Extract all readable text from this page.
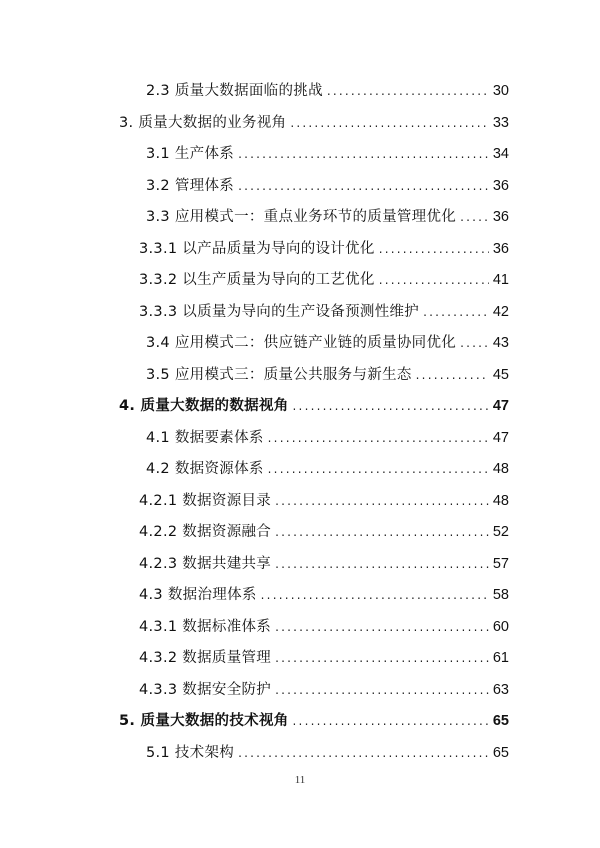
2.3 质量大数据面临的挑战 .....	30
3. 质量大数据的业务视角 .....	33
3.1 生产体系 .....	34
3.2 管理体系 .....	36
3.3 应用模式一：重点业务环节的质量管理优化 .....	36
3.3.1 以产品质量为导向的设计优化 .....	36
3.3.2 以生产质量为导向的工艺优化 .....	41
3.3.3 以质量为导向的生产设备预测性维护 .....	42
3.4 应用模式二：供应链产业链的质量协同优化 .....	43
3.5 应用模式三：质量公共服务与新生态 .....	45
4. 质量大数据的数据视角 .....	47
4.1 数据要素体系 .....	47
4.2 数据资源体系 .....	48
4.2.1 数据资源目录 .....	48
4.2.2 数据资源融合 .....	52
4.2.3 数据共建共享 .....	57
4.3 数据治理体系 .....	58
4.3.1 数据标准体系 .....	60
4.3.2 数据质量管理 .....	61
4.3.3 数据安全防护 .....	63
5. 质量大数据的技术视角 .....	65
5.1 技术架构 .....	65
11
